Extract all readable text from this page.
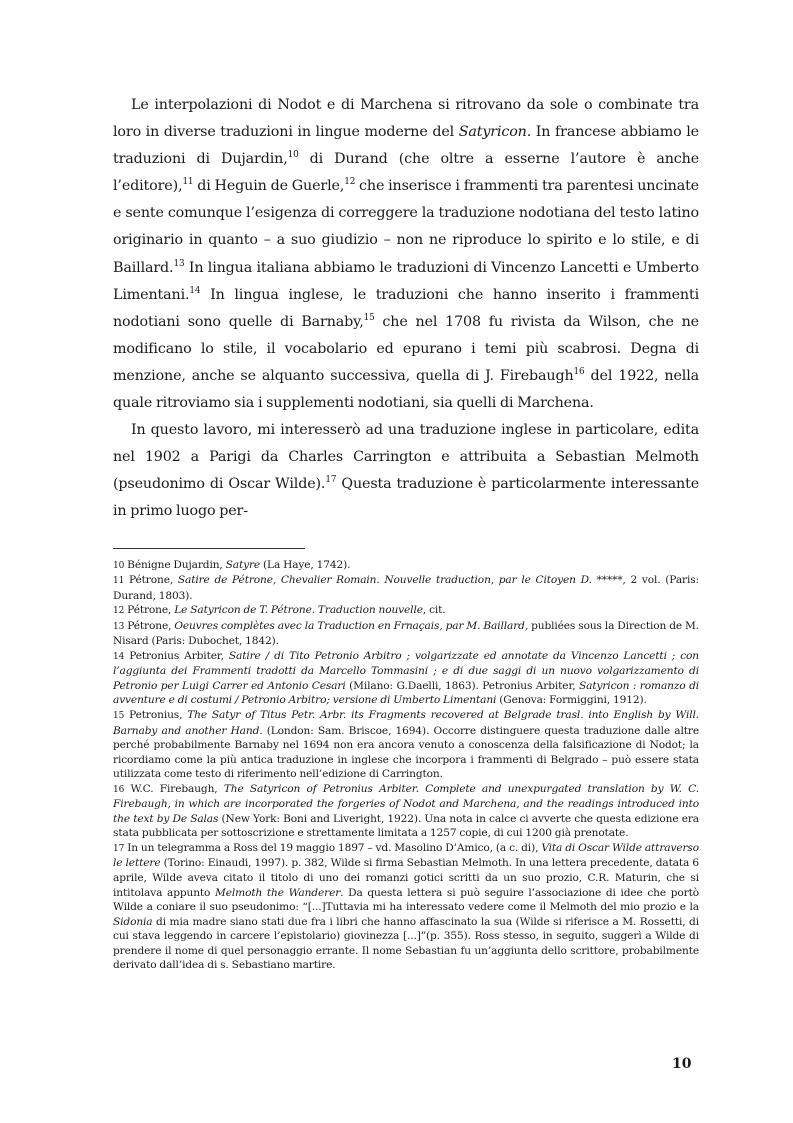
Le interpolazioni di Nodot e di Marchena si ritrovano da sole o combinate tra loro in diverse traduzioni in lingue moderne del Satyricon. In francese abbiamo le traduzioni di Dujardin,$^{10}$ di Durand (che oltre a esserne l’autore è anche l’editore),$^{11}$ di Heguin de Guerle,$^{12}$ che inserisce i frammenti tra parentesi uncinate e sente comunque l’esigenza di correggere la traduzione nodotiana del testo latino originario in quanto – a suo giudizio – non ne riproduce lo spirito e lo stile, e di Baillard.$^{13}$ In lingua italiana abbiamo le traduzioni di Vincenzo Lancetti e Umberto Limentani.$^{14}$ In lingua inglese, le traduzioni che hanno inserito i frammenti nodotiani sono quelle di Barnaby,$^{15}$ che nel 1708 fu rivista da Wilson, che ne modificano lo stile, il vocabolario ed epurano i temi più scabrosi. Degna di menzione, anche se alquanto successiva, quella di J. Firebaugh$^{16}$ del 1922, nella quale ritroviamo sia i supplementi nodotiani, sia quelli di Marchena.

In questo lavoro, mi interesserò ad una traduzione inglese in particolare, edita nel 1902 a Parigi da Charles Carrington e attribuita a Sebastian Melmoth (pseudonimo di Oscar Wilde).$^{17}$ Questa traduzione è particolarmente interessante in primo luogo per-

10 Bénigne Dujardin, Satyre (La Haye, 1742).

11 Pétrone, Satire de Pétrone, Chevalier Romain. Nouvelle traduction, par le Citoyen D. *****, 2 vol. (Paris: Durand, 1803).

12 Pétrone, Le Satyricon de T. Pétrone. Traduction nouvelle, cit.

13 Pétrone, Oeuvres complètes avec la Traduction en Frnaçais, par M. Baillard, publiées sous la Direction de M. Nisard (Paris: Dubochet, 1842).

14 Petronius Arbiter, Satire / di Tito Petronio Arbitro ; volgarizzate ed annotate da Vincenzo Lancetti ; con l’aggiunta dei Frammenti tradotti da Marcello Tommasini ; e di due saggi di un nuovo volgarizzamento di Petronio per Luigi Carrer ed Antonio Cesari (Milano: G.Daelli, 1863). Petronius Arbiter, Satyricon : romanzo di avventure e di costumi / Petronio Arbitro; versione di Umberto Limentani (Genova: Formiggini, 1912).

15 Petronius, The Satyr of Titus Petr. Arbr. its Fragments recovered at Belgrade trasl. into English by Will. Barnaby and another Hand. (London: Sam. Briscoe, 1694). Occorre distinguere questa traduzione dalle altre perché probabilmente Barnaby nel 1694 non era ancora venuto a conoscenza della falsificazione di Nodot; la ricordiamo come la più antica traduzione in inglese che incorpora i frammenti di Belgrado – può essere stata utilizzata come testo di riferimento nell’edizione di Carrington.

16 W.C. Firebaugh, The Satyricon of Petronius Arbiter. Complete and unexpurgated translation by W. C. Firebaugh, in which are incorporated the forgeries of Nodot and Marchena, and the readings introduced into the text by De Salas (New York: Boni and Liveright, 1922). Una nota in calce ci avverte che questa edizione era stata pubblicata per sottoscrizione e strettamente limitata a 1257 copie, di cui 1200 già prenotate.

17 In un telegramma a Ross del 19 maggio 1897 – vd. Masolino D’Amico, (a c. di), Vita di Oscar Wilde attraverso le lettere (Torino: Einaudi, 1997). p. 382, Wilde si firma Sebastian Melmoth. In una lettera precedente, datata 6 aprile, Wilde aveva citato il titolo di uno dei romanzi gotici scritti da un suo prozio, C.R. Maturin, che si intitolava appunto Melmoth the Wanderer. Da questa lettera si può seguire l’associazione di idee che portò Wilde a coniare il suo pseudonimo: “[...]Tuttavia mi ha interessato vedere come il Melmoth del mio prozio e la Sidonia di mia madre siano stati due fra i libri che hanno affascinato la sua (Wilde si riferisce a M. Rossetti, di cui stava leggendo in carcere l’epistolario) giovinezza [...]”(p. 355). Ross stesso, in seguito, suggerì a Wilde di prendere il nome di quel personaggio errante. Il nome Sebastian fu un’aggiunta dello scrittore, probabilmente derivato dall’idea di s. Sebastiano martire.

10
